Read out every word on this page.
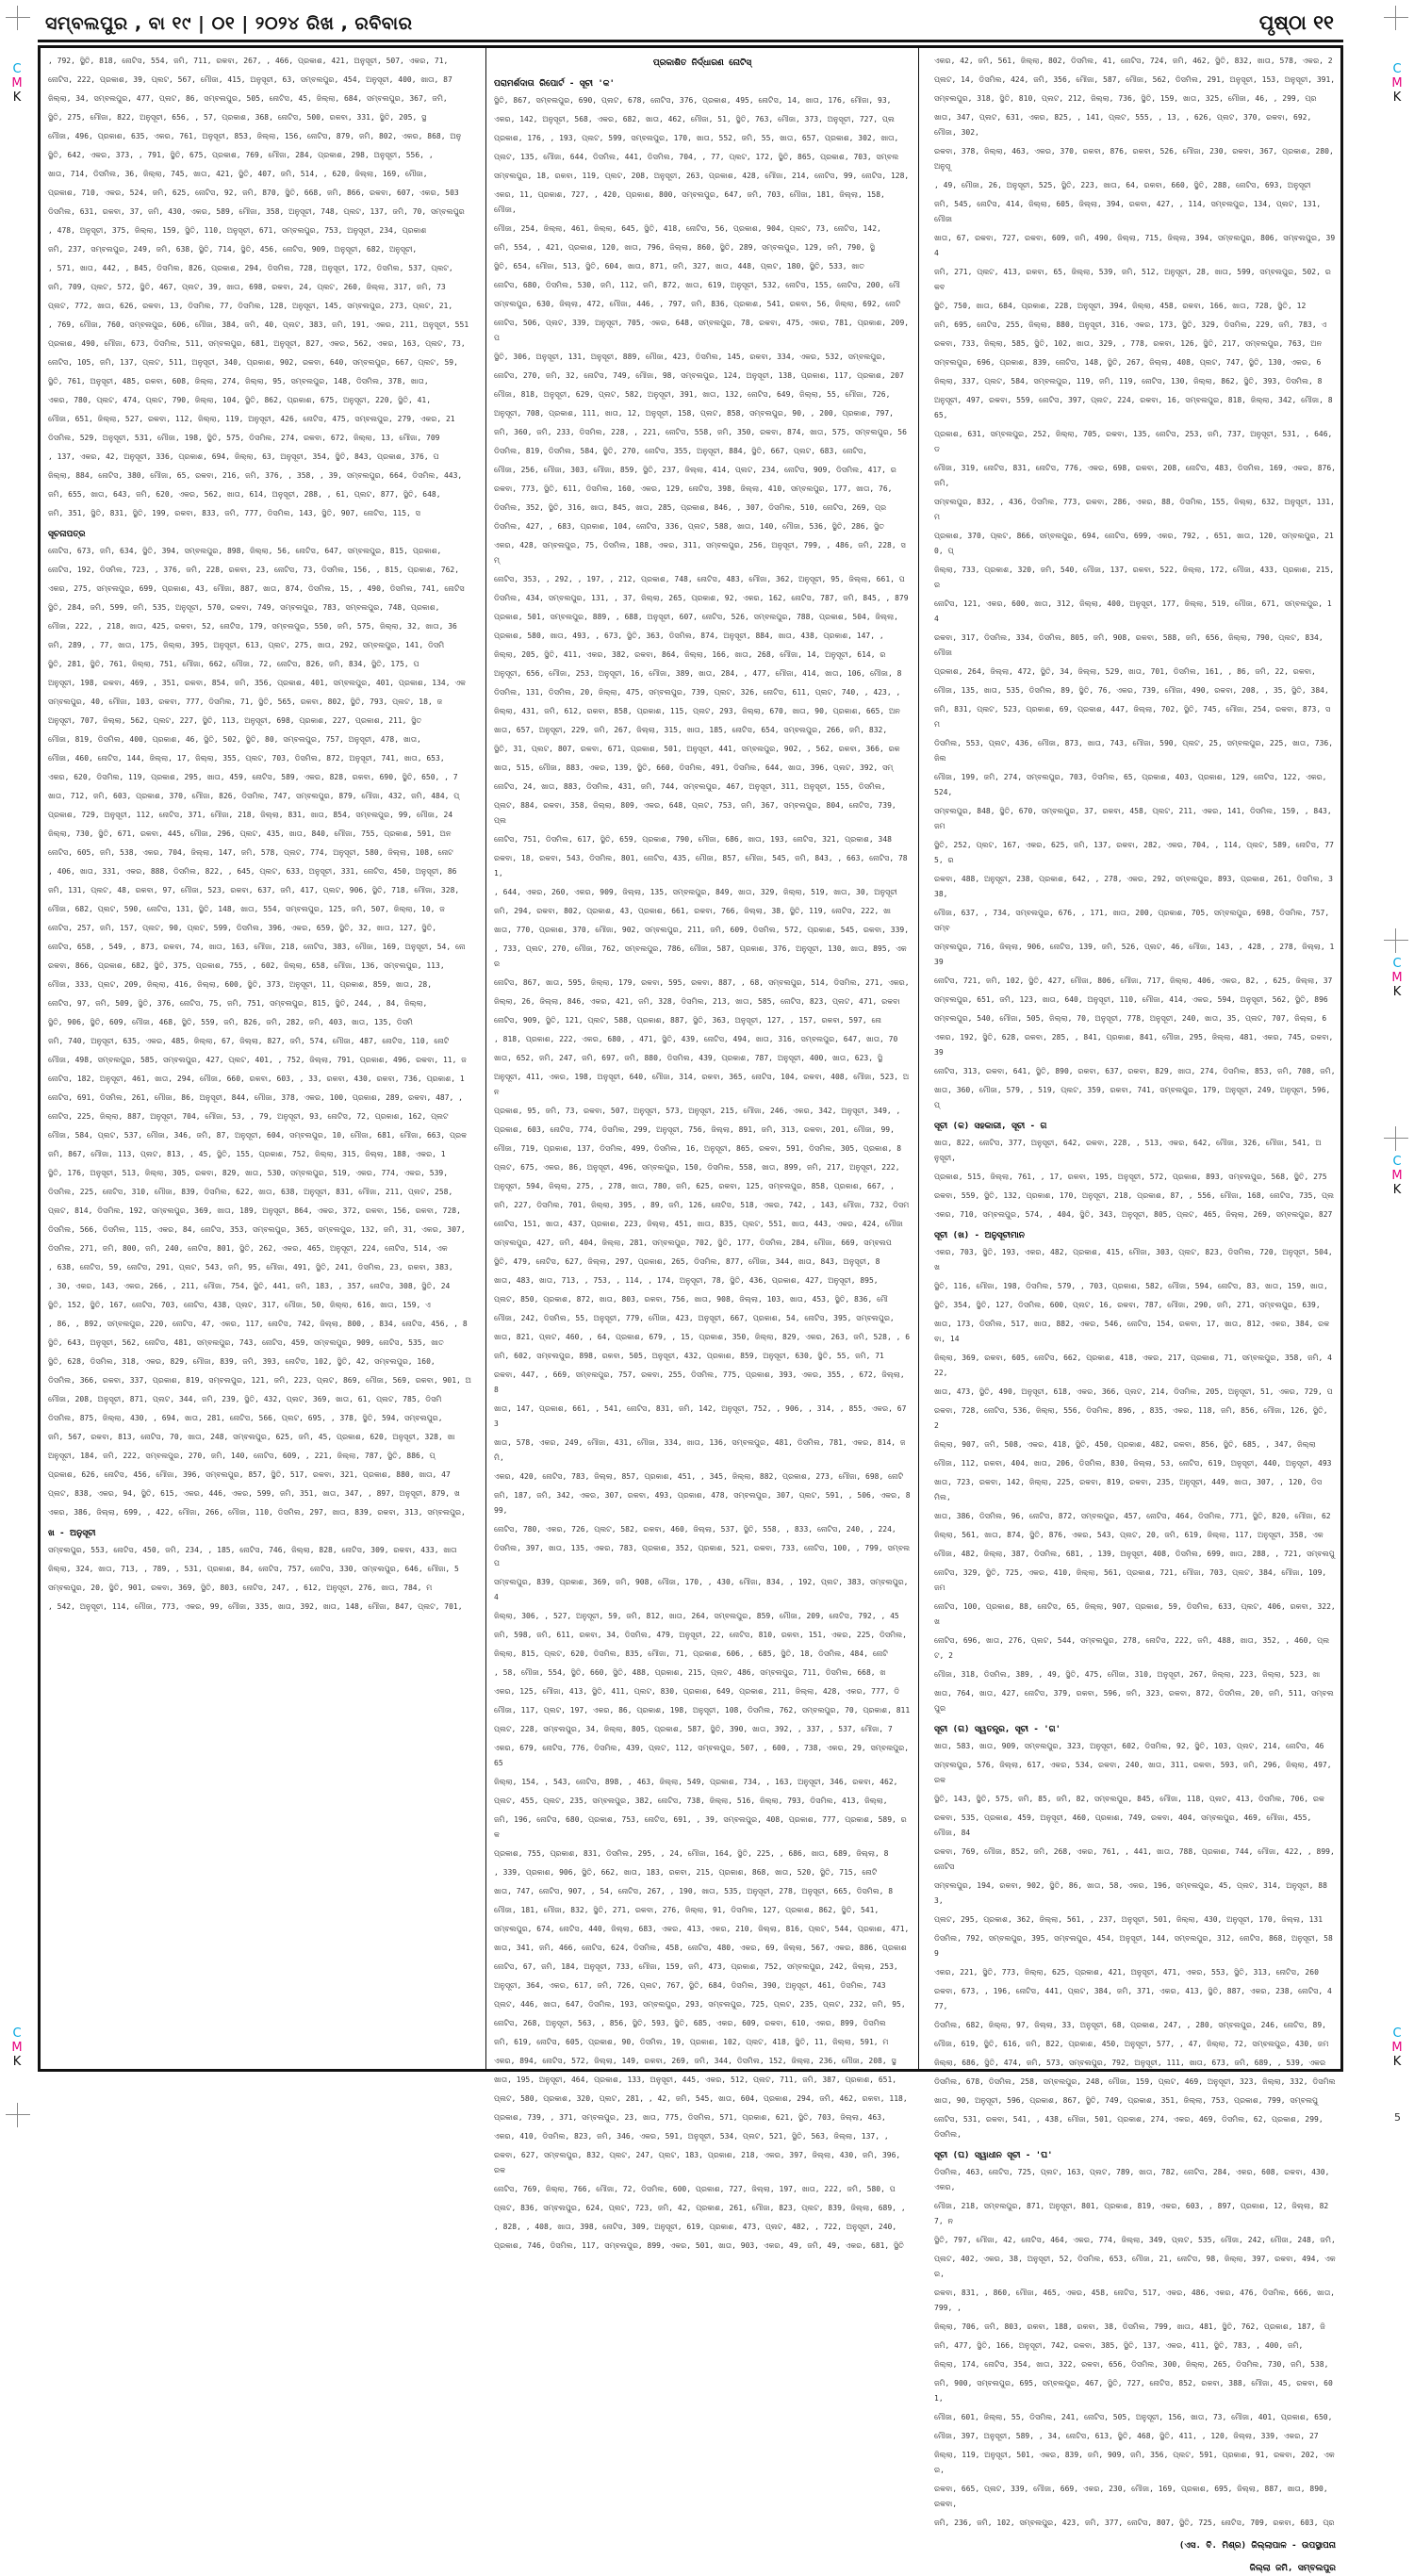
ସମ୍ବଲପୁର , ବା ୧୯ | ୦୧ | ୨୦୨୪ ରିଖ , ରବିବାର	ପୃଷ୍ଠା ୧୧
, 792, ସ୍ଥିତି, 818, ନୋଟିସ, 554, ଜମି, 711, ରକବା, 267, , 466, ପ୍ରକାଶ, 421, ଅନୁସୂଚୀ, 507, ଏକର, 71,
ନୋଟିସ, 222, ପ୍ରକାଶ, 39, ପ୍ଲଟ, 567, ମୌଜା, 415, ଅନୁସୂଚୀ, 63, ସମ୍ବଲପୁର, 454, ଅନୁସୂଚୀ, 400, ଖାତା, 87
ଜିଲ୍ଲା, 34, ସମ୍ବଲପୁର, 477, ପ୍ଲଟ, 86, ସମ୍ବଲପୁର, 505, ନୋଟିସ, 45, ଜିଲ୍ଲା, 684, ସମ୍ବଲପୁର, 367, ଜମି,
ସ୍ଥିତି, 275, ମୌଜା, 822, ଅନୁସୂଚୀ, 656, , 57, ପ୍ରକାଶ, 368, ନୋଟିସ, 500, ରକବା, 331, ସ୍ଥିତି, 205, ସ୍ଥ
ମୌଜା, 496, ପ୍ରକାଶ, 635, ଏକର, 761, ଅନୁସୂଚୀ, 853, ଜିଲ୍ଲା, 156, ନୋଟିସ, 879, ଜମି, 802, ଏକର, 868, ଅନୁ
ସ୍ଥିତି, 642, ଏକର, 373, , 791, ସ୍ଥିତି, 675, ପ୍ରକାଶ, 769, ମୌଜା, 284, ପ୍ରକାଶ, 298, ଅନୁସୂଚୀ, 556, ,
ଖାତା, 714, ଡିସମିଲ, 36, ଜିଲ୍ଲା, 745, ଖାତା, 421, ସ୍ଥିତି, 407, ଜମି, 514, , 620, ଜିଲ୍ଲା, 169, ମୌଜା,
ପ୍ରକାଶ, 710, ଏକର, 524, ଜମି, 625, ନୋଟିସ, 92, ଜମି, 870, ସ୍ଥିତି, 668, ଜମି, 866, ରକବା, 607, ଏକର, 503
ଡିସମିଲ, 631, ରକବା, 37, ଜମି, 430, ଏକର, 589, ମୌଜା, 358, ଅନୁସୂଚୀ, 748, ପ୍ଲଟ, 137, ଜମି, 70, ସମ୍ବଲପୁର
, 478, ଅନୁସୂଚୀ, 375, ଜିଲ୍ଲା, 159, ସ୍ଥିତି, 110, ଅନୁସୂଚୀ, 671, ସମ୍ବଲପୁର, 753, ଅନୁସୂଚୀ, 234, ପ୍ରକାଶ
ଜମି, 237, ସମ୍ବଲପୁର, 249, ଜମି, 638, ସ୍ଥିତି, 714, ସ୍ଥିତି, 456, ନୋଟିସ, 909, ଅନୁସୂଚୀ, 682, ଅନୁସୂଚୀ,
, 571, ଖାତା, 442, , 845, ଡିସମିଲ, 826, ପ୍ରକାଶ, 294, ଡିସମିଲ, 728, ଅନୁସୂଚୀ, 172, ଡିସମିଲ, 537, ପ୍ଲଟ,
ଜମି, 709, ପ୍ଲଟ, 572, ସ୍ଥିତି, 467, ପ୍ଲଟ, 39, ଖାତା, 698, ରକବା, 24, ପ୍ଲଟ, 260, ଜିଲ୍ଲା, 317, ଜମି, 73
ପ୍ଲଟ, 772, ଖାତା, 626, ରକବା, 13, ଡିସମିଲ, 77, ଡିସମିଲ, 128, ଅନୁସୂଚୀ, 145, ସମ୍ବଲପୁର, 273, ପ୍ଲଟ, 21,
, 769, ମୌଜା, 760, ସମ୍ବଲପୁର, 606, ମୌଜା, 384, ଜମି, 40, ପ୍ଲଟ, 383, ଜମି, 191, ଏକର, 211, ଅନୁସୂଚୀ, 551
ପ୍ରକାଶ, 490, ମୌଜା, 673, ଡିସମିଲ, 511, ସମ୍ବଲପୁର, 681, ଅନୁସୂଚୀ, 827, ଏକର, 562, ଏକର, 163, ପ୍ଲଟ, 73,
ନୋଟିସ, 105, ଜମି, 137, ପ୍ଲଟ, 511, ଅନୁସୂଚୀ, 340, ପ୍ରକାଶ, 902, ରକବା, 640, ସମ୍ବଲପୁର, 667, ପ୍ଲଟ, 59,
ସ୍ଥିତି, 761, ଅନୁସୂଚୀ, 485, ରକବା, 608, ଜିଲ୍ଲା, 274, ଜିଲ୍ଲା, 95, ସମ୍ବଲପୁର, 148, ଡିସମିଲ, 378, ଖାତା,
ଏକର, 780, ପ୍ଲଟ, 474, ପ୍ଲଟ, 790, ଜିଲ୍ଲା, 104, ସ୍ଥିତି, 862, ପ୍ରକାଶ, 675, ଅନୁସୂଚୀ, 220, ସ୍ଥିତି, 41,
ମୌଜା, 651, ଜିଲ୍ଲା, 527, ରକବା, 112, ଜିଲ୍ଲା, 119, ଅନୁସୂଚୀ, 426, ନୋଟିସ, 475, ସମ୍ବଲପୁର, 279, ଏକର, 21
ଡିସମିଲ, 529, ଅନୁସୂଚୀ, 531, ମୌଜା, 198, ସ୍ଥିତି, 575, ଡିସମିଲ, 274, ରକବା, 672, ଜିଲ୍ଲା, 13, ମୌଜା, 709
, 137, ଏକର, 42, ଅନୁସୂଚୀ, 336, ପ୍ରକାଶ, 694, ଜିଲ୍ଲା, 63, ଅନୁସୂଚୀ, 354, ସ୍ଥିତି, 843, ପ୍ରକାଶ, 376, ପ
ଜିଲ୍ଲା, 884, ନୋଟିସ, 380, ମୌଜା, 65, ରକବା, 216, ଜମି, 376, , 358, , 39, ସମ୍ବଲପୁର, 664, ଡିସମିଲ, 443,
ଜମି, 655, ଖାତା, 643, ଜମି, 620, ଏକର, 562, ଖାତା, 614, ଅନୁସୂଚୀ, 288, , 61, ପ୍ଲଟ, 877, ସ୍ଥିତି, 648,
ଜମି, 351, ସ୍ଥିତି, 831, ସ୍ଥିତି, 199, ରକବା, 833, ଜମି, 777, ଡିସମିଲ, 143, ସ୍ଥିତି, 907, ନୋଟିସ, 115, ସ
ସୂଚନାପତ୍ର
ନୋଟିସ, 673, ଜମି, 634, ସ୍ଥିତି, 394, ସମ୍ବଲପୁର, 898, ଜିଲ୍ଲା, 56, ନୋଟିସ, 647, ସମ୍ବଲପୁର, 815, ପ୍ରକାଶ,
ନୋଟିସ, 192, ଡିସମିଲ, 723, , 376, ଜମି, 228, ରକବା, 23, ନୋଟିସ, 73, ଡିସମିଲ, 156, , 815, ପ୍ରକାଶ, 762,
ଏକର, 275, ସମ୍ବଲପୁର, 699, ପ୍ରକାଶ, 43, ମୌଜା, 887, ଖାତା, 874, ଡିସମିଲ, 15, , 490, ଡିସମିଲ, 741, ନୋଟିସ
ସ୍ଥିତି, 284, ଜମି, 599, ଜମି, 535, ଅନୁସୂଚୀ, 570, ରକବା, 749, ସମ୍ବଲପୁର, 783, ସମ୍ବଲପୁର, 748, ପ୍ରକାଶ,
ମୌଜା, 222, , 218, ଖାତା, 425, ରକବା, 52, ନୋଟିସ, 179, ସମ୍ବଲପୁର, 550, ଜମି, 575, ଜିଲ୍ଲା, 32, ଖାତା, 36
ଜମି, 289, , 77, ଖାତା, 175, ଜିଲ୍ଲା, 395, ଅନୁସୂଚୀ, 613, ପ୍ଲଟ, 275, ଖାତା, 292, ସମ୍ବଲପୁର, 141, ଡିସମି
ସ୍ଥିତି, 281, ସ୍ଥିତି, 761, ଜିଲ୍ଲା, 751, ମୌଜା, 662, ମୌଜା, 72, ନୋଟିସ, 826, ଜମି, 834, ସ୍ଥିତି, 175, ପ
ଅନୁସୂଚୀ, 198, ରକବା, 469, , 351, ରକବା, 854, ଜମି, 356, ପ୍ରକାଶ, 401, ସମ୍ବଲପୁର, 401, ପ୍ରକାଶ, 134, ଏକ
ସମ୍ବଲପୁର, 40, ମୌଜା, 103, ରକବା, 777, ଡିସମିଲ, 71, ସ୍ଥିତି, 565, ରକବା, 802, ସ୍ଥିତି, 793, ପ୍ଲଟ, 18, ଜ
ଅନୁସୂଚୀ, 707, ଜିଲ୍ଲା, 562, ପ୍ଲଟ, 227, ସ୍ଥିତି, 113, ଅନୁସୂଚୀ, 698, ପ୍ରକାଶ, 227, ପ୍ରକାଶ, 211, ସ୍ଥିତ
ମୌଜା, 819, ଡିସମିଲ, 400, ପ୍ରକାଶ, 46, ସ୍ଥିତି, 502, ସ୍ଥିତି, 80, ସମ୍ବଲପୁର, 757, ଅନୁସୂଚୀ, 478, ଖାତା,
ମୌଜା, 460, ନୋଟିସ, 144, ଜିଲ୍ଲା, 17, ଜିଲ୍ଲା, 355, ପ୍ଲଟ, 703, ଡିସମିଲ, 872, ଅନୁସୂଚୀ, 741, ଖାତା, 653,
ଏକର, 620, ଡିସମିଲ, 119, ପ୍ରକାଶ, 295, ଖାତା, 459, ନୋଟିସ, 589, ଏକର, 828, ରକବା, 690, ସ୍ଥିତି, 650, , 7
ଖାତା, 712, ଜମି, 603, ପ୍ରକାଶ, 370, ମୌଜା, 826, ଡିସମିଲ, 747, ସମ୍ବଲପୁର, 879, ମୌଜା, 432, ଜମି, 484, ପ୍
ପ୍ରକାଶ, 729, ଅନୁସୂଚୀ, 112, ନୋଟିସ, 371, ମୌଜା, 218, ଜିଲ୍ଲା, 831, ଖାତା, 854, ସମ୍ବଲପୁର, 99, ମୌଜା, 24
ଜିଲ୍ଲା, 730, ସ୍ଥିତି, 671, ରକବା, 445, ମୌଜା, 296, ପ୍ଲଟ, 435, ଖାତା, 840, ମୌଜା, 755, ପ୍ରକାଶ, 591, ଅନ
ନୋଟିସ, 605, ଜମି, 538, ଏକର, 704, ଜିଲ୍ଲା, 147, ଜମି, 578, ପ୍ଲଟ, 774, ଅନୁସୂଚୀ, 580, ଜିଲ୍ଲା, 108, ନୋଟ
, 406, ଖାତା, 331, ଏକର, 888, ଡିସମିଲ, 822, , 645, ପ୍ଲଟ, 633, ଅନୁସୂଚୀ, 331, ନୋଟିସ, 450, ଅନୁସୂଚୀ, 86
ଜମି, 131, ପ୍ଲଟ, 48, ରକବା, 97, ମୌଜା, 523, ରକବା, 637, ଜମି, 417, ପ୍ଲଟ, 906, ସ୍ଥିତି, 718, ମୌଜା, 328,
ମୌଜା, 682, ପ୍ଲଟ, 590, ନୋଟିସ, 131, ସ୍ଥିତି, 148, ଖାତା, 554, ସମ୍ବଲପୁର, 125, ଜମି, 507, ଜିଲ୍ଲା, 10, ଜ
ନୋଟିସ, 257, ଜମି, 157, ପ୍ଲଟ, 90, ପ୍ଲଟ, 599, ଡିସମିଲ, 396, ଏକର, 659, ସ୍ଥିତି, 32, ଖାତା, 127, ସ୍ଥିତି,
ନୋଟିସ, 658, , 549, , 873, ରକବା, 74, ଖାତା, 163, ମୌଜା, 218, ନୋଟିସ, 383, ମୌଜା, 169, ଅନୁସୂଚୀ, 54, ନୋ
ରକବା, 866, ପ୍ରକାଶ, 682, ସ୍ଥିତି, 375, ପ୍ରକାଶ, 755, , 602, ଜିଲ୍ଲା, 658, ମୌଜା, 136, ସମ୍ବଲପୁର, 113,
ମୌଜା, 333, ପ୍ଲଟ, 209, ଜିଲ୍ଲା, 416, ଜିଲ୍ଲା, 600, ସ୍ଥିତି, 373, ଅନୁସୂଚୀ, 11, ପ୍ରକାଶ, 859, ଖାତା, 28,
ନୋଟିସ, 97, ଜମି, 509, ସ୍ଥିତି, 376, ନୋଟିସ, 75, ଜମି, 751, ସମ୍ବଲପୁର, 815, ସ୍ଥିତି, 244, , 84, ଜିଲ୍ଲା,
ସ୍ଥିତି, 906, ସ୍ଥିତି, 609, ମୌଜା, 468, ସ୍ଥିତି, 559, ଜମି, 826, ଜମି, 282, ଜମି, 403, ଖାତା, 135, ଡିସମି
ଜମି, 740, ଅନୁସୂଚୀ, 635, ଏକର, 485, ଜିଲ୍ଲା, 67, ଜିଲ୍ଲା, 827, ଜମି, 574, ମୌଜା, 487, ନୋଟିସ, 110, ନୋଟି
ମୌଜା, 498, ସମ୍ବଲପୁର, 585, ସମ୍ବଲପୁର, 427, ପ୍ଲଟ, 401, , 752, ଜିଲ୍ଲା, 791, ପ୍ରକାଶ, 496, ରକବା, 11, ଜ
ନୋଟିସ, 182, ଅନୁସୂଚୀ, 461, ଖାତା, 294, ମୌଜା, 660, ରକବା, 603, , 33, ରକବା, 430, ରକବା, 736, ପ୍ରକାଶ, 1
ନୋଟିସ, 691, ଡିସମିଲ, 261, ମୌଜା, 86, ଅନୁସୂଚୀ, 844, ମୌଜା, 378, ଏକର, 100, ପ୍ରକାଶ, 289, ରକବା, 487, ,
ନୋଟିସ, 225, ଜିଲ୍ଲା, 887, ଅନୁସୂଚୀ, 704, ମୌଜା, 53, , 79, ଅନୁସୂଚୀ, 93, ନୋଟିସ, 72, ପ୍ରକାଶ, 162, ପ୍ଲଟ
ମୌଜା, 584, ପ୍ଲଟ, 537, ମୌଜା, 346, ଜମି, 87, ଅନୁସୂଚୀ, 604, ସମ୍ବଲପୁର, 10, ମୌଜା, 681, ମୌଜା, 663, ପ୍ରକ
ଜମି, 867, ମୌଜା, 113, ପ୍ଲଟ, 813, , 45, ସ୍ଥିତି, 155, ପ୍ରକାଶ, 752, ଜିଲ୍ଲା, 315, ଜିଲ୍ଲା, 188, ଏକର, 1
ସ୍ଥିତି, 176, ଅନୁସୂଚୀ, 513, ଜିଲ୍ଲା, 305, ରକବା, 829, ଖାତା, 530, ସମ୍ବଲପୁର, 519, ଏକର, 774, ଏକର, 539,
ଡିସମିଲ, 225, ନୋଟିସ, 310, ମୌଜା, 839, ଡିସମିଲ, 622, ଖାତା, 638, ଅନୁସୂଚୀ, 831, ମୌଜା, 211, ପ୍ଲଟ, 258,
ପ୍ଲଟ, 814, ଡିସମିଲ, 192, ସମ୍ବଲପୁର, 369, ଖାତା, 189, ଅନୁସୂଚୀ, 864, ଏକର, 372, ରକବା, 156, ରକବା, 728,
ଡିସମିଲ, 566, ଡିସମିଲ, 115, ଏକର, 84, ନୋଟିସ, 353, ସମ୍ବଲପୁର, 365, ସମ୍ବଲପୁର, 132, ଜମି, 31, ଏକର, 307,
ଡିସମିଲ, 271, ଜମି, 800, ଜମି, 240, ନୋଟିସ, 801, ସ୍ଥିତି, 262, ଏକର, 465, ଅନୁସୂଚୀ, 224, ନୋଟିସ, 514, ଏକ
, 638, ନୋଟିସ, 59, ନୋଟିସ, 291, ପ୍ଲଟ, 543, ଜମି, 95, ମୌଜା, 491, ସ୍ଥିତି, 241, ଡିସମିଲ, 23, ରକବା, 383,
, 30, ଏକର, 143, ଏକର, 266, , 211, ମୌଜା, 754, ସ୍ଥିତି, 441, ଜମି, 183, , 357, ନୋଟିସ, 308, ସ୍ଥିତି, 24
ସ୍ଥିତି, 152, ସ୍ଥିତି, 167, ନୋଟିସ, 703, ନୋଟିସ, 438, ପ୍ଲଟ, 317, ମୌଜା, 50, ଜିଲ୍ଲା, 616, ଖାତା, 159, ଏ
, 86, , 892, ସମ୍ବଲପୁର, 220, ନୋଟିସ, 47, ଏକର, 117, ନୋଟିସ, 742, ଜିଲ୍ଲା, 800, , 834, ନୋଟିସ, 456, , 8
ସ୍ଥିତି, 643, ଅନୁସୂଚୀ, 562, ନୋଟିସ, 481, ସମ୍ବଲପୁର, 743, ନୋଟିସ, 459, ସମ୍ବଲପୁର, 909, ନୋଟିସ, 535, ଖାତ
ସ୍ଥିତି, 628, ଡିସମିଲ, 318, ଏକର, 829, ମୌଜା, 839, ଜମି, 393, ନୋଟିସ, 102, ସ୍ଥିତି, 42, ସମ୍ବଲପୁର, 160,
ଡିସମିଲ, 366, ରକବା, 337, ପ୍ରକାଶ, 819, ସମ୍ବଲପୁର, 121, ଜମି, 223, ପ୍ଲଟ, 869, ମୌଜା, 569, ରକବା, 901, ଅ
ମୌଜା, 208, ଅନୁସୂଚୀ, 871, ପ୍ଲଟ, 344, ଜମି, 239, ସ୍ଥିତି, 432, ପ୍ଲଟ, 369, ଖାତା, 61, ପ୍ଲଟ, 785, ଡିସମି
ଡିସମିଲ, 875, ଜିଲ୍ଲା, 430, , 694, ଖାତା, 281, ନୋଟିସ, 566, ପ୍ଲଟ, 695, , 378, ସ୍ଥିତି, 594, ସମ୍ବଲପୁର,
ଜମି, 567, ରକବା, 813, ନୋଟିସ, 70, ଖାତା, 248, ସମ୍ବଲପୁର, 625, ଜମି, 45, ପ୍ରକାଶ, 620, ଅନୁସୂଚୀ, 328, ଖା
ଅନୁସୂଚୀ, 184, ଜମି, 222, ସମ୍ବଲପୁର, 270, ଜମି, 140, ନୋଟିସ, 609, , 221, ଜିଲ୍ଲା, 787, ସ୍ଥିତି, 886, ପ୍
ପ୍ରକାଶ, 626, ନୋଟିସ, 456, ମୌଜା, 396, ସମ୍ବଲପୁର, 857, ସ୍ଥିତି, 517, ରକବା, 321, ପ୍ରକାଶ, 880, ଖାତା, 47
ପ୍ଲଟ, 838, ଏକର, 94, ସ୍ଥିତି, 615, ଏକର, 446, ଏକର, 599, ଜମି, 351, ଖାତା, 347, , 897, ଅନୁସୂଚୀ, 879, ଖ
ଏକର, 386, ଜିଲ୍ଲା, 699, , 422, ମୌଜା, 266, ମୌଜା, 110, ଡିସମିଲ, 297, ଖାତା, 839, ରକବା, 313, ସମ୍ବଲପୁର,
ଖ - ଅନୁସୂଚୀ
ସମ୍ବଲପୁର, 553, ନୋଟିସ, 450, ଜମି, 234, , 185, ନୋଟିସ, 746, ଜିଲ୍ଲା, 828, ନୋଟିସ, 309, ରକବା, 433, ଖାତା
ଜିଲ୍ଲା, 324, ଖାତା, 713, , 789, , 531, ପ୍ରକାଶ, 84, ନୋଟିସ, 757, ନୋଟିସ, 330, ସମ୍ବଲପୁର, 646, ମୌଜା, 5
ସମ୍ବଲପୁର, 20, ସ୍ଥିତି, 901, ରକବା, 369, ସ୍ଥିତି, 803, ନୋଟିସ, 247, , 612, ଅନୁସୂଚୀ, 276, ଖାତା, 784, ମ
, 542, ଅନୁସୂଚୀ, 114, ମୌଜା, 773, ଏକର, 99, ମୌଜା, 335, ଖାତା, 392, ଖାତା, 148, ମୌଜା, 847, ପ୍ଲଟ, 701,
ପ୍ରକାଶିତ ନିର୍ଦ୍ଧାରଣ ନୋଟିସ୍
ପରାମର୍ଶଦାତା ରିପୋର୍ଟ - ସୂଚୀ 'କ'
ସ୍ଥିତି, 867, ସମ୍ବଲପୁର, 690, ପ୍ଲଟ, 678, ନୋଟିସ, 376, ପ୍ରକାଶ, 495, ନୋଟିସ, 14, ଖାତା, 176, ମୌଜା, 93,
ଏକର, 142, ଅନୁସୂଚୀ, 568, ଏକର, 682, ଖାତା, 462, ମୌଜା, 51, ସ୍ଥିତି, 763, ମୌଜା, 373, ଅନୁସୂଚୀ, 727, ପ୍ଲ
ପ୍ରକାଶ, 176, , 193, ପ୍ଲଟ, 599, ସମ୍ବଲପୁର, 170, ଖାତା, 552, ଜମି, 55, ଖାତା, 657, ପ୍ରକାଶ, 302, ଖାତା,
ପ୍ଲଟ, 135, ମୌଜା, 644, ଡିସମିଲ, 441, ଡିସମିଲ, 704, , 77, ପ୍ଲଟ, 172, ସ୍ଥିତି, 865, ପ୍ରକାଶ, 703, ସମ୍ବଲ
ସମ୍ବଲପୁର, 18, ରକବା, 119, ପ୍ଲଟ, 208, ଅନୁସୂଚୀ, 263, ପ୍ରକାଶ, 428, ମୌଜା, 214, ନୋଟିସ, 99, ନୋଟିସ, 128,
ଏକର, 11, ପ୍ରକାଶ, 727, , 420, ପ୍ରକାଶ, 800, ସମ୍ବଲପୁର, 647, ଜମି, 703, ମୌଜା, 181, ଜିଲ୍ଲା, 158, ମୌଜା,
ମୌଜା, 254, ଜିଲ୍ଲା, 461, ଜିଲ୍ଲା, 645, ସ୍ଥିତି, 418, ନୋଟିସ, 56, ପ୍ରକାଶ, 904, ପ୍ଲଟ, 73, ନୋଟିସ, 142,
ଜମି, 554, , 421, ପ୍ରକାଶ, 120, ଖାତା, 796, ଜିଲ୍ଲା, 860, ସ୍ଥିତି, 289, ସମ୍ବଲପୁର, 129, ଜମି, 790, ସ୍ଥି
ସ୍ଥିତି, 654, ମୌଜା, 513, ସ୍ଥିତି, 604, ଖାତା, 871, ଜମି, 327, ଖାତା, 448, ପ୍ଲଟ, 180, ସ୍ଥିତି, 533, ଖାତ
ନୋଟିସ, 680, ଡିସମିଲ, 530, ଜମି, 112, ଜମି, 872, ଖାତା, 619, ଅନୁସୂଚୀ, 532, ନୋଟିସ, 155, ନୋଟିସ, 200, ମୌ
ସମ୍ବଲପୁର, 630, ଜିଲ୍ଲା, 472, ମୌଜା, 446, , 797, ଜମି, 836, ପ୍ରକାଶ, 541, ରକବା, 56, ଜିଲ୍ଲା, 692, ନୋଟି
ନୋଟିସ, 506, ପ୍ଲଟ, 339, ଅନୁସୂଚୀ, 705, ଏକର, 648, ସମ୍ବଲପୁର, 78, ରକବା, 475, ଏକର, 781, ପ୍ରକାଶ, 209, ପ
ସ୍ଥିତି, 306, ଅନୁସୂଚୀ, 131, ଅନୁସୂଚୀ, 889, ମୌଜା, 423, ଡିସମିଲ, 145, ରକବା, 334, ଏକର, 532, ସମ୍ବଲପୁର,
ନୋଟିସ, 270, ଜମି, 32, ନୋଟିସ, 749, ମୌଜା, 98, ସମ୍ବଲପୁର, 124, ଅନୁସୂଚୀ, 138, ପ୍ରକାଶ, 117, ପ୍ରକାଶ, 207
ମୌଜା, 818, ଅନୁସୂଚୀ, 629, ପ୍ଲଟ, 582, ଅନୁସୂଚୀ, 391, ଖାତା, 132, ନୋଟିସ, 649, ଜିଲ୍ଲା, 55, ମୌଜା, 726,
ଅନୁସୂଚୀ, 708, ପ୍ରକାଶ, 111, ଖାତା, 12, ଅନୁସୂଚୀ, 158, ପ୍ଲଟ, 858, ସମ୍ବଲପୁର, 90, , 200, ପ୍ରକାଶ, 797,
ଜମି, 360, ଜମି, 233, ଡିସମିଲ, 228, , 221, ନୋଟିସ, 558, ଜମି, 350, ରକବା, 874, ଖାତା, 575, ସମ୍ବଲପୁର, 56
ଡିସମିଲ, 819, ଡିସମିଲ, 584, ସ୍ଥିତି, 270, ନୋଟିସ, 355, ଅନୁସୂଚୀ, 884, ସ୍ଥିତି, 667, ପ୍ଲଟ, 683, ନୋଟିସ,
ମୌଜା, 256, ମୌଜା, 303, ମୌଜା, 859, ସ୍ଥିତି, 237, ଜିଲ୍ଲା, 414, ପ୍ଲଟ, 234, ନୋଟିସ, 909, ଡିସମିଲ, 417, ର
ରକବା, 773, ସ୍ଥିତି, 611, ଡିସମିଲ, 160, ଏକର, 129, ନୋଟିସ, 398, ଜିଲ୍ଲା, 410, ସମ୍ବଲପୁର, 177, ଖାତା, 76,
ଡିସମିଲ, 352, ସ୍ଥିତି, 316, ଖାତା, 845, ଖାତା, 285, ପ୍ରକାଶ, 846, , 307, ଡିସମିଲ, 510, ନୋଟିସ, 269, ପ୍ର
ଡିସମିଲ, 427, , 683, ପ୍ରକାଶ, 104, ନୋଟିସ, 336, ପ୍ଲଟ, 588, ଖାତା, 140, ମୌଜା, 536, ସ୍ଥିତି, 286, ସ୍ଥିତ
ଏକର, 428, ସମ୍ବଲପୁର, 75, ଡିସମିଲ, 188, ଏକର, 311, ସମ୍ବଲପୁର, 256, ଅନୁସୂଚୀ, 799, , 486, ଜମି, 228, ସମ୍
ନୋଟିସ, 353, , 292, , 197, , 212, ପ୍ରକାଶ, 748, ନୋଟିସ, 483, ମୌଜା, 362, ଅନୁସୂଚୀ, 95, ଜିଲ୍ଲା, 661, ପ
ଡିସମିଲ, 434, ସମ୍ବଲପୁର, 131, , 37, ଜିଲ୍ଲା, 265, ପ୍ରକାଶ, 92, ଏକର, 162, ନୋଟିସ, 787, ଜମି, 845, , 879
ପ୍ରକାଶ, 501, ସମ୍ବଲପୁର, 889, , 688, ଅନୁସୂଚୀ, 607, ନୋଟିସ, 526, ସମ୍ବଲପୁର, 788, ପ୍ରକାଶ, 504, ଜିଲ୍ଲା,
ପ୍ରକାଶ, 580, ଖାତା, 493, , 673, ସ୍ଥିତି, 363, ଡିସମିଲ, 874, ଅନୁସୂଚୀ, 884, ଖାତା, 438, ପ୍ରକାଶ, 147, ,
ଜିଲ୍ଲା, 205, ସ୍ଥିତି, 411, ଏକର, 382, ରକବା, 864, ଜିଲ୍ଲା, 166, ଖାତା, 268, ମୌଜା, 14, ଅନୁସୂଚୀ, 614, ର
ଅନୁସୂଚୀ, 656, ମୌଜା, 253, ଅନୁସୂଚୀ, 16, ମୌଜା, 389, ଖାତା, 284, , 477, ମୌଜା, 414, ଖାତା, 106, ମୌଜା, 8
ଡିସମିଲ, 131, ଡିସମିଲ, 20, ଜିଲ୍ଲା, 475, ସମ୍ବଲପୁର, 739, ପ୍ଲଟ, 326, ନୋଟିସ, 611, ପ୍ଲଟ, 740, , 423, ,
ଜିଲ୍ଲା, 431, ଜମି, 612, ରକବା, 858, ପ୍ରକାଶ, 115, ପ୍ଲଟ, 293, ଜିଲ୍ଲା, 670, ଖାତା, 90, ପ୍ରକାଶ, 665, ଅନ
ଖାତା, 657, ଅନୁସୂଚୀ, 229, ଜମି, 267, ଜିଲ୍ଲା, 315, ଖାତା, 185, ନୋଟିସ, 654, ସମ୍ବଲପୁର, 266, ଜମି, 832,
ସ୍ଥିତି, 31, ପ୍ଲଟ, 807, ରକବା, 671, ପ୍ରକାଶ, 501, ଅନୁସୂଚୀ, 441, ସମ୍ବଲପୁର, 902, , 562, ରକବା, 366, ରକ
ଖାତା, 515, ମୌଜା, 883, ଏକର, 139, ସ୍ଥିତି, 660, ଡିସମିଲ, 491, ଡିସମିଲ, 644, ଖାତା, 396, ପ୍ଲଟ, 392, ସମ୍
ନୋଟିସ, 24, ଖାତା, 883, ଡିସମିଲ, 431, ଜମି, 744, ସମ୍ବଲପୁର, 467, ଅନୁସୂଚୀ, 311, ଅନୁସୂଚୀ, 155, ଡିସମିଲ,
ପ୍ଲଟ, 884, ରକବା, 358, ଜିଲ୍ଲା, 809, ଏକର, 648, ପ୍ଲଟ, 753, ଜମି, 367, ସମ୍ବଲପୁର, 804, ନୋଟିସ, 739, ପ୍ଲ
ନୋଟିସ, 751, ଡିସମିଲ, 617, ସ୍ଥିତି, 659, ପ୍ରକାଶ, 790, ମୌଜା, 686, ଖାତା, 193, ନୋଟିସ, 321, ପ୍ରକାଶ, 348
ରକବା, 18, ରକବା, 543, ଡିସମିଲ, 801, ନୋଟିସ, 435, ମୌଜା, 857, ମୌଜା, 545, ଜମି, 843, , 663, ନୋଟିସ, 781,
, 644, ଏକର, 260, ଏକର, 909, ଜିଲ୍ଲା, 135, ସମ୍ବଲପୁର, 849, ଖାତା, 329, ଜିଲ୍ଲା, 519, ଖାତା, 30, ଅନୁସୂଚୀ
ଜମି, 294, ରକବା, 802, ପ୍ରକାଶ, 43, ପ୍ରକାଶ, 661, ରକବା, 766, ଜିଲ୍ଲା, 38, ସ୍ଥିତି, 119, ନୋଟିସ, 222, ଖା
ଖାତା, 770, ପ୍ରକାଶ, 370, ମୌଜା, 902, ସମ୍ବଲପୁର, 211, ଜମି, 609, ଡିସମିଲ, 572, ପ୍ରକାଶ, 545, ରକବା, 339,
, 733, ପ୍ଲଟ, 270, ମୌଜା, 762, ସମ୍ବଲପୁର, 786, ମୌଜା, 587, ପ୍ରକାଶ, 376, ଅନୁସୂଚୀ, 130, ଖାତା, 895, ଏକର
ନୋଟିସ, 867, ଖାତା, 595, ଜିଲ୍ଲା, 179, ରକବା, 595, ରକବା, 887, , 68, ସମ୍ବଲପୁର, 514, ଡିସମିଲ, 271, ଏକର,
ଜିଲ୍ଲା, 26, ଜିଲ୍ଲା, 846, ଏକର, 421, ଜମି, 328, ଡିସମିଲ, 213, ଖାତା, 585, ନୋଟିସ, 823, ପ୍ଲଟ, 471, ରକବା
ନୋଟିସ, 909, ସ୍ଥିତି, 121, ପ୍ଲଟ, 588, ପ୍ରକାଶ, 887, ସ୍ଥିତି, 363, ଅନୁସୂଚୀ, 127, , 157, ରକବା, 597, ନୋ
, 818, ପ୍ରକାଶ, 222, ଏକର, 680, , 471, ସ୍ଥିତି, 439, ନୋଟିସ, 494, ଖାତା, 316, ସମ୍ବଲପୁର, 647, ଖାତା, 70
ଖାତା, 652, ଜମି, 247, ଜମି, 697, ଜମି, 880, ଡିସମିଲ, 439, ପ୍ରକାଶ, 787, ଅନୁସୂଚୀ, 400, ଖାତା, 623, ସ୍ଥି
ଅନୁସୂଚୀ, 411, ଏକର, 198, ଅନୁସୂଚୀ, 640, ମୌଜା, 314, ରକବା, 365, ନୋଟିସ, 104, ରକବା, 408, ମୌଜା, 523, ଅନ
ପ୍ରକାଶ, 95, ଜମି, 73, ରକବା, 507, ଅନୁସୂଚୀ, 573, ଅନୁସୂଚୀ, 215, ମୌଜା, 246, ଏକର, 342, ଅନୁସୂଚୀ, 349, ,
ପ୍ରକାଶ, 603, ନୋଟିସ, 774, ଡିସମିଲ, 299, ଅନୁସୂଚୀ, 756, ଜିଲ୍ଲା, 891, ଜମି, 313, ରକବା, 201, ମୌଜା, 99,
ମୌଜା, 719, ପ୍ରକାଶ, 137, ଡିସମିଲ, 499, ଡିସମିଲ, 16, ଅନୁସୂଚୀ, 865, ରକବା, 591, ଡିସମିଲ, 305, ପ୍ରକାଶ, 8
ପ୍ଲଟ, 675, ଏକର, 86, ଅନୁସୂଚୀ, 496, ସମ୍ବଲପୁର, 150, ଡିସମିଲ, 558, ଖାତା, 899, ଜମି, 217, ଅନୁସୂଚୀ, 222,
ଅନୁସୂଚୀ, 594, ଜିଲ୍ଲା, 275, , 278, ଖାତା, 780, ଜମି, 625, ରକବା, 125, ସମ୍ବଲପୁର, 858, ପ୍ରକାଶ, 667, ,
ଜମି, 227, ଡିସମିଲ, 701, ଜିଲ୍ଲା, 395, , 89, ଜମି, 126, ନୋଟିସ, 518, ଏକର, 742, , 143, ମୌଜା, 732, ଡିସମ
ନୋଟିସ, 151, ଖାତା, 437, ପ୍ରକାଶ, 223, ଜିଲ୍ଲା, 451, ଖାତା, 835, ପ୍ଲଟ, 551, ଖାତା, 443, ଏକର, 424, ମୌଜା
ସମ୍ବଲପୁର, 427, ଜମି, 404, ଜିଲ୍ଲା, 281, ସମ୍ବଲପୁର, 702, ସ୍ଥିତି, 177, ଡିସମିଲ, 284, ମୌଜା, 669, ସମ୍ବଲପ
ସ୍ଥିତି, 479, ନୋଟିସ, 627, ଜିଲ୍ଲା, 297, ପ୍ରକାଶ, 265, ଡିସମିଲ, 877, ମୌଜା, 344, ଖାତା, 843, ଅନୁସୂଚୀ, 8
ଖାତା, 483, ଖାତା, 713, , 753, , 114, , 174, ଅନୁସୂଚୀ, 78, ସ୍ଥିତି, 436, ପ୍ରକାଶ, 427, ଅନୁସୂଚୀ, 895,
ପ୍ଲଟ, 850, ପ୍ରକାଶ, 872, ଖାତା, 803, ରକବା, 756, ଖାତା, 908, ଜିଲ୍ଲା, 103, ଖାତା, 453, ସ୍ଥିତି, 836, ମୌ
ମୌଜା, 242, ଡିସମିଲ, 55, ଅନୁସୂଚୀ, 779, ମୌଜା, 423, ଅନୁସୂଚୀ, 667, ପ୍ରକାଶ, 54, ନୋଟିସ, 395, ସମ୍ବଲପୁର,
ଖାତା, 821, ପ୍ଲଟ, 460, , 64, ପ୍ରକାଶ, 679, , 15, ପ୍ରକାଶ, 350, ଜିଲ୍ଲା, 829, ଏକର, 263, ଜମି, 528, , 6
ଜମି, 602, ସମ୍ବଲପୁର, 898, ରକବା, 505, ଅନୁସୂଚୀ, 432, ପ୍ରକାଶ, 859, ଅନୁସୂଚୀ, 630, ସ୍ଥିତି, 55, ଜମି, 71
ରକବା, 447, , 669, ସମ୍ବଲପୁର, 757, ରକବା, 255, ଡିସମିଲ, 775, ପ୍ରକାଶ, 393, ଏକର, 355, , 672, ଜିଲ୍ଲା, 8
ଖାତା, 147, ପ୍ରକାଶ, 661, , 541, ନୋଟିସ, 831, ଜମି, 142, ଅନୁସୂଚୀ, 752, , 906, , 314, , 855, ଏକର, 673
ଖାତା, 578, ଏକର, 249, ମୌଜା, 431, ମୌଜା, 334, ଖାତା, 136, ସମ୍ବଲପୁର, 481, ଡିସମିଲ, 781, ଏକର, 814, ଜମି,
ଏକର, 420, ନୋଟିସ, 783, ଜିଲ୍ଲା, 857, ପ୍ରକାଶ, 451, , 345, ଜିଲ୍ଲା, 882, ପ୍ରକାଶ, 273, ମୌଜା, 698, ନୋଟି
ଜମି, 187, ଜମି, 342, ଏକର, 307, ରକବା, 493, ପ୍ରକାଶ, 478, ସମ୍ବଲପୁର, 307, ପ୍ଲଟ, 591, , 506, ଏକର, 899,
ନୋଟିସ, 780, ଏକର, 726, ପ୍ଲଟ, 582, ରକବା, 460, ଜିଲ୍ଲା, 537, ସ୍ଥିତି, 558, , 833, ନୋଟିସ, 240, , 224,
ଡିସମିଲ, 397, ଖାତା, 135, ଏକର, 783, ପ୍ରକାଶ, 352, ପ୍ରକାଶ, 521, ରକବା, 733, ନୋଟିସ, 100, , 799, ସମ୍ବଲପ
ସମ୍ବଲପୁର, 839, ପ୍ରକାଶ, 369, ଜମି, 908, ମୌଜା, 170, , 430, ମୌଜା, 834, , 192, ପ୍ଲଟ, 383, ସମ୍ବଲପୁର, 4
ଜିଲ୍ଲା, 306, , 527, ଅନୁସୂଚୀ, 59, ଜମି, 812, ଖାତା, 264, ସମ୍ବଲପୁର, 859, ମୌଜା, 209, ନୋଟିସ, 792, , 45
ଜମି, 598, ଜମି, 611, ରକବା, 34, ଡିସମିଲ, 479, ଅନୁସୂଚୀ, 22, ନୋଟିସ, 810, ରକବା, 151, ଏକର, 225, ଡିସମିଲ,
ଜିଲ୍ଲା, 815, ପ୍ଲଟ, 620, ଡିସମିଲ, 835, ମୌଜା, 71, ପ୍ରକାଶ, 606, , 685, ସ୍ଥିତି, 18, ଡିସମିଲ, 484, ନୋଟି
, 58, ମୌଜା, 554, ସ୍ଥିତି, 660, ସ୍ଥିତି, 488, ପ୍ରକାଶ, 215, ପ୍ଲଟ, 486, ସମ୍ବଲପୁର, 711, ଡିସମିଲ, 668, ଖ
ଏକର, 125, ମୌଜା, 413, ସ୍ଥିତି, 411, ପ୍ଲଟ, 830, ପ୍ରକାଶ, 649, ପ୍ରକାଶ, 211, ଜିଲ୍ଲା, 428, ଏକର, 777, ଡି
ମୌଜା, 117, ପ୍ଲଟ, 197, ଏକର, 86, ପ୍ରକାଶ, 198, ଅନୁସୂଚୀ, 108, ଡିସମିଲ, 762, ସମ୍ବଲପୁର, 70, ପ୍ରକାଶ, 811
ପ୍ଲଟ, 228, ସମ୍ବଲପୁର, 34, ଜିଲ୍ଲା, 805, ପ୍ରକାଶ, 587, ସ୍ଥିତି, 390, ଖାତା, 392, , 337, , 537, ମୌଜା, 7
ଏକର, 679, ନୋଟିସ, 776, ଡିସମିଲ, 439, ପ୍ଲଟ, 112, ସମ୍ବଲପୁର, 507, , 600, , 738, ଏକର, 29, ସମ୍ବଲପୁର, 65
ଜିଲ୍ଲା, 154, , 543, ନୋଟିସ, 898, , 463, ଜିଲ୍ଲା, 549, ପ୍ରକାଶ, 734, , 163, ଅନୁସୂଚୀ, 346, ରକବା, 462,
ପ୍ଲଟ, 455, ପ୍ଲଟ, 235, ସମ୍ବଲପୁର, 382, ନୋଟିସ, 738, ଜିଲ୍ଲା, 516, ଜିଲ୍ଲା, 793, ଡିସମିଲ, 413, ଜିଲ୍ଲା,
ଜମି, 196, ନୋଟିସ, 680, ପ୍ରକାଶ, 753, ନୋଟିସ, 691, , 39, ସମ୍ବଲପୁର, 408, ପ୍ରକାଶ, 777, ପ୍ରକାଶ, 589, ରକ
ପ୍ରକାଶ, 755, ପ୍ରକାଶ, 831, ଡିସମିଲ, 295, , 24, ମୌଜା, 164, ସ୍ଥିତି, 225, , 686, ଖାତା, 689, ଜିଲ୍ଲା, 8
, 339, ପ୍ରକାଶ, 906, ସ୍ଥିତି, 662, ଖାତା, 183, ରକବା, 215, ପ୍ରକାଶ, 868, ଖାତା, 520, ସ୍ଥିତି, 715, ନୋଟି
ଖାତା, 747, ନୋଟିସ, 907, , 54, ନୋଟିସ, 267, , 190, ଖାତା, 535, ଅନୁସୂଚୀ, 278, ଅନୁସୂଚୀ, 665, ଡିସମିଲ, 8
ମୌଜା, 181, ମୌଜା, 832, ସ୍ଥିତି, 271, ରକବା, 276, ଜିଲ୍ଲା, 91, ଡିସମିଲ, 127, ପ୍ରକାଶ, 862, ସ୍ଥିତି, 541,
ସମ୍ବଲପୁର, 674, ନୋଟିସ, 440, ଜିଲ୍ଲା, 683, ଏକର, 413, ଏକର, 210, ଜିଲ୍ଲା, 816, ପ୍ଲଟ, 544, ପ୍ରକାଶ, 471,
ଖାତା, 341, ଜମି, 466, ନୋଟିସ, 624, ଡିସମିଲ, 458, ନୋଟିସ, 480, ଏକର, 69, ଜିଲ୍ଲା, 567, ଏକର, 886, ପ୍ରକାଶ
ନୋଟିସ, 67, ଜମି, 184, ଅନୁସୂଚୀ, 733, ମୌଜା, 159, ଜମି, 473, ପ୍ରକାଶ, 752, ସମ୍ବଲପୁର, 242, ଜିଲ୍ଲା, 253,
ଅନୁସୂଚୀ, 364, ଏକର, 617, ଜମି, 726, ପ୍ଲଟ, 767, ସ୍ଥିତି, 684, ଡିସମିଲ, 390, ଅନୁସୂଚୀ, 461, ଡିସମିଲ, 743
ପ୍ଲଟ, 446, ଖାତା, 647, ଡିସମିଲ, 193, ସମ୍ବଲପୁର, 293, ସମ୍ବଲପୁର, 725, ପ୍ଲଟ, 235, ପ୍ଲଟ, 232, ଜମି, 95,
ନୋଟିସ, 268, ଅନୁସୂଚୀ, 563, , 856, ସ୍ଥିତି, 593, ସ୍ଥିତି, 685, ଏକର, 609, ରକବା, 610, ଏକର, 899, ଡିସମିଲ
ଜମି, 619, ନୋଟିସ, 605, ପ୍ରକାଶ, 90, ଡିସମିଲ, 19, ପ୍ରକାଶ, 102, ପ୍ଲଟ, 418, ସ୍ଥିତି, 11, ଜିଲ୍ଲା, 591, ମ
ଏକର, 894, ନୋଟିସ, 572, ଜିଲ୍ଲା, 149, ରକବା, 269, ଜମି, 344, ଡିସମିଲ, 152, ଜିଲ୍ଲା, 236, ମୌଜା, 208, ସ୍ଥ
ଖାତା, 195, ଅନୁସୂଚୀ, 464, ପ୍ରକାଶ, 133, ଅନୁସୂଚୀ, 445, ଏକର, 512, ପ୍ଲଟ, 711, ଜମି, 387, ପ୍ରକାଶ, 651,
ପ୍ଲଟ, 580, ପ୍ରକାଶ, 320, ପ୍ଲଟ, 281, , 42, ଜମି, 545, ଖାତା, 604, ପ୍ରକାଶ, 294, ଜମି, 462, ରକବା, 118,
ପ୍ରକାଶ, 739, , 371, ସମ୍ବଲପୁର, 23, ଖାତା, 775, ଡିସମିଲ, 571, ପ୍ରକାଶ, 621, ସ୍ଥିତି, 703, ଜିଲ୍ଲା, 463,
ଏକର, 410, ଡିସମିଲ, 823, ଜମି, 346, ଏକର, 591, ଅନୁସୂଚୀ, 534, ପ୍ଲଟ, 521, ସ୍ଥିତି, 563, ଜିଲ୍ଲା, 137, ,
ରକବା, 627, ସମ୍ବଲପୁର, 832, ପ୍ଲଟ, 247, ପ୍ଲଟ, 183, ପ୍ରକାଶ, 218, ଏକର, 397, ଜିଲ୍ଲା, 430, ଜମି, 396, ରକ
ନୋଟିସ, 769, ଜିଲ୍ଲା, 766, ମୌଜା, 72, ଡିସମିଲ, 600, ପ୍ରକାଶ, 727, ଜିଲ୍ଲା, 197, ଖାତା, 222, ଜମି, 580, ପ
ପ୍ଲଟ, 836, ସମ୍ବଲପୁର, 624, ପ୍ଲଟ, 723, ଜମି, 42, ପ୍ରକାଶ, 261, ମୌଜା, 823, ପ୍ଲଟ, 839, ଜିଲ୍ଲା, 689, ,
, 828, , 408, ଖାତା, 398, ନୋଟିସ, 309, ଅନୁସୂଚୀ, 619, ପ୍ରକାଶ, 473, ପ୍ଲଟ, 482, , 722, ଅନୁସୂଚୀ, 240,
ପ୍ରକାଶ, 746, ଡିସମିଲ, 117, ସମ୍ବଲପୁର, 899, ଏକର, 501, ଖାତା, 903, ଏକର, 49, ଜମି, 49, ଏକର, 681, ସ୍ଥିତି
ଏକର, 42, ଜମି, 561, ଜିଲ୍ଲା, 802, ଡିସମିଲ, 41, ନୋଟିସ, 724, ଜମି, 462, ସ୍ଥିତି, 832, ଖାତା, 578, ଏକର, 2
ପ୍ଲଟ, 14, ଡିସମିଲ, 424, ଜମି, 356, ମୌଜା, 587, ମୌଜା, 562, ଡିସମିଲ, 291, ଅନୁସୂଚୀ, 153, ଅନୁସୂଚୀ, 391,
ସମ୍ବଲପୁର, 318, ସ୍ଥିତି, 810, ପ୍ଲଟ, 212, ଜିଲ୍ଲା, 736, ସ୍ଥିତି, 159, ଖାତା, 325, ମୌଜା, 46, , 299, ପ୍ର
ଖାତା, 347, ପ୍ଲଟ, 631, ଏକର, 825, , 141, ପ୍ଲଟ, 555, , 13, , 626, ପ୍ଲଟ, 370, ରକବା, 692, ମୌଜା, 302,
ରକବା, 378, ଜିଲ୍ଲା, 463, ଏକର, 370, ରକବା, 876, ରକବା, 526, ମୌଜା, 230, ରକବା, 367, ପ୍ରକାଶ, 280, ଅନୁସୂ
, 49, ମୌଜା, 26, ଅନୁସୂଚୀ, 525, ସ୍ଥିତି, 223, ଖାତା, 64, ରକବା, 660, ସ୍ଥିତି, 288, ନୋଟିସ, 693, ଅନୁସୂଚୀ
ଜମି, 545, ନୋଟିସ, 414, ଜିଲ୍ଲା, 605, ଜିଲ୍ଲା, 394, ରକବା, 427, , 114, ସମ୍ବଲପୁର, 134, ପ୍ଲଟ, 131, ମୌଜା
ଖାତା, 67, ରକବା, 727, ରକବା, 609, ଜମି, 490, ଜିଲ୍ଲା, 715, ଜିଲ୍ଲା, 394, ସମ୍ବଲପୁର, 806, ସମ୍ବଲପୁର, 394
ଜମି, 271, ପ୍ଲଟ, 413, ରକବା, 65, ଜିଲ୍ଲା, 539, ଜମି, 512, ଅନୁସୂଚୀ, 28, ଖାତା, 599, ସମ୍ବଲପୁର, 502, ରକବ
ସ୍ଥିତି, 750, ଖାତା, 684, ପ୍ରକାଶ, 228, ଅନୁସୂଚୀ, 394, ଜିଲ୍ଲା, 458, ରକବା, 166, ଖାତା, 728, ସ୍ଥିତି, 12
ଜମି, 695, ନୋଟିସ, 255, ଜିଲ୍ଲା, 880, ଅନୁସୂଚୀ, 316, ଏକର, 173, ସ୍ଥିତି, 329, ଡିସମିଲ, 229, ଜମି, 783, ଏ
ରକବା, 733, ଜିଲ୍ଲା, 585, ସ୍ଥିତି, 102, ଖାତା, 329, , 778, ରକବା, 126, ସ୍ଥିତି, 217, ସମ୍ବଲପୁର, 763, ଅନ
ସମ୍ବଲପୁର, 696, ପ୍ରକାଶ, 839, ନୋଟିସ, 148, ସ୍ଥିତି, 267, ଜିଲ୍ଲା, 408, ପ୍ଲଟ, 747, ସ୍ଥିତି, 130, ଏକର, 6
ଜିଲ୍ଲା, 337, ପ୍ଲଟ, 584, ସମ୍ବଲପୁର, 119, ଜମି, 119, ନୋଟିସ, 130, ଜିଲ୍ଲା, 862, ସ୍ଥିତି, 393, ଡିସମିଲ, 8
ଅନୁସୂଚୀ, 497, ରକବା, 559, ନୋଟିସ, 397, ପ୍ଲଟ, 224, ରକବା, 16, ସମ୍ବଲପୁର, 818, ଜିଲ୍ଲା, 342, ମୌଜା, 865,
ପ୍ରକାଶ, 631, ସମ୍ବଲପୁର, 252, ଜିଲ୍ଲା, 705, ରକବା, 135, ନୋଟିସ, 253, ଜମି, 737, ଅନୁସୂଚୀ, 531, , 646, ଡ
ମୌଜା, 319, ନୋଟିସ, 831, ନୋଟିସ, 776, ଏକର, 698, ରକବା, 208, ନୋଟିସ, 483, ଡିସମିଲ, 169, ଏକର, 876, ଜମି,
ସମ୍ବଲପୁର, 832, , 436, ଡିସମିଲ, 773, ରକବା, 286, ଏକର, 88, ଡିସମିଲ, 155, ଜିଲ୍ଲା, 632, ଅନୁସୂଚୀ, 131, ମ
ପ୍ରକାଶ, 370, ପ୍ଲଟ, 866, ସମ୍ବଲପୁର, 694, ନୋଟିସ, 699, ଏକର, 792, , 651, ଖାତା, 120, ସମ୍ବଲପୁର, 210, ପ୍
ଜିଲ୍ଲା, 733, ପ୍ରକାଶ, 320, ଜମି, 540, ମୌଜା, 137, ରକବା, 522, ଜିଲ୍ଲା, 172, ମୌଜା, 433, ପ୍ରକାଶ, 215, ର
ନୋଟିସ, 121, ଏକର, 600, ଖାତା, 312, ଜିଲ୍ଲା, 400, ଅନୁସୂଚୀ, 177, ଜିଲ୍ଲା, 519, ମୌଜା, 671, ସମ୍ବଲପୁର, 14
ରକବା, 317, ଡିସମିଲ, 334, ଡିସମିଲ, 805, ଜମି, 908, ରକବା, 588, ଜମି, 656, ଜିଲ୍ଲା, 790, ପ୍ଲଟ, 834, ମୌଜା
ପ୍ରକାଶ, 264, ଜିଲ୍ଲା, 472, ସ୍ଥିତି, 34, ଜିଲ୍ଲା, 529, ଖାତା, 701, ଡିସମିଲ, 161, , 86, ଜମି, 22, ରକବା,
ମୌଜା, 135, ଖାତା, 535, ଡିସମିଲ, 89, ସ୍ଥିତି, 76, ଏକର, 739, ମୌଜା, 490, ରକବା, 208, , 35, ସ୍ଥିତି, 384,
ଜମି, 831, ପ୍ଲଟ, 523, ପ୍ରକାଶ, 69, ପ୍ରକାଶ, 447, ଜିଲ୍ଲା, 702, ସ୍ଥିତି, 745, ମୌଜା, 254, ରକବା, 873, ସମ
ଡିସମିଲ, 553, ପ୍ଲଟ, 436, ମୌଜା, 873, ଖାତା, 743, ମୌଜା, 590, ପ୍ଲଟ, 25, ସମ୍ବଲପୁର, 225, ଖାତା, 736, ଜିଲ
ମୌଜା, 199, ଜମି, 274, ସମ୍ବଲପୁର, 703, ଡିସମିଲ, 65, ପ୍ରକାଶ, 403, ପ୍ରକାଶ, 129, ନୋଟିସ, 122, ଏକର, 524,
ସମ୍ବଲପୁର, 848, ସ୍ଥିତି, 670, ସମ୍ବଲପୁର, 37, ରକବା, 458, ପ୍ଲଟ, 211, ଏକର, 141, ଡିସମିଲ, 159, , 843, ଜମ
ସ୍ଥିତି, 252, ପ୍ଲଟ, 167, ଏକର, 625, ଜମି, 137, ରକବା, 282, ଏକର, 704, , 114, ପ୍ଲଟ, 589, ନୋଟିସ, 775, ର
ରକବା, 488, ଅନୁସୂଚୀ, 238, ପ୍ରକାଶ, 642, , 278, ଏକର, 292, ସମ୍ବଲପୁର, 893, ପ୍ରକାଶ, 261, ଡିସମିଲ, 338,
ମୌଜା, 637, , 734, ସମ୍ବଲପୁର, 676, , 171, ଖାତା, 200, ପ୍ରକାଶ, 705, ସମ୍ବଲପୁର, 698, ଡିସମିଲ, 757, ସମ୍ବ
ସମ୍ବଲପୁର, 716, ଜିଲ୍ଲା, 906, ନୋଟିସ, 139, ଜମି, 526, ପ୍ଲଟ, 46, ମୌଜା, 143, , 428, , 278, ଜିଲ୍ଲା, 139
ନୋଟିସ, 721, ଜମି, 102, ସ୍ଥିତି, 427, ମୌଜା, 806, ମୌଜା, 717, ଜିଲ୍ଲା, 406, ଏକର, 82, , 625, ଜିଲ୍ଲା, 37
ସମ୍ବଲପୁର, 651, ଜମି, 123, ଖାତା, 640, ଅନୁସୂଚୀ, 110, ମୌଜା, 414, ଏକର, 594, ଅନୁସୂଚୀ, 562, ସ୍ଥିତି, 896
ସମ୍ବଲପୁର, 540, ମୌଜା, 505, ଜିଲ୍ଲା, 70, ଅନୁସୂଚୀ, 778, ଅନୁସୂଚୀ, 240, ଖାତା, 35, ପ୍ଲଟ, 707, ଜିଲ୍ଲା, 6
ଏକର, 192, ସ୍ଥିତି, 628, ରକବା, 285, , 841, ପ୍ରକାଶ, 841, ମୌଜା, 295, ଜିଲ୍ଲା, 481, ଏକର, 745, ରକବା, 39
ନୋଟିସ, 313, ରକବା, 641, ସ୍ଥିତି, 890, ରକବା, 637, ରକବା, 829, ଖାତା, 274, ଡିସମିଲ, 853, ଜମି, 708, ଜମି,
ଖାତା, 360, ମୌଜା, 579, , 519, ପ୍ଲଟ, 359, ରକବା, 741, ସମ୍ବଲପୁର, 179, ଅନୁସୂଚୀ, 249, ଅନୁସୂଚୀ, 596, ପ୍
ସୂଚୀ (କ) ସହକାରୀ, ସୂଚୀ - ଗ
ଖାତା, 822, ନୋଟିସ, 377, ଅନୁସୂଚୀ, 642, ରକବା, 228, , 513, ଏକର, 642, ମୌଜା, 326, ମୌଜା, 541, ଅନୁସୂଚୀ,
ପ୍ରକାଶ, 515, ଜିଲ୍ଲା, 761, , 17, ରକବା, 195, ଅନୁସୂଚୀ, 572, ପ୍ରକାଶ, 893, ସମ୍ବଲପୁର, 568, ସ୍ଥିତି, 275
ରକବା, 559, ସ୍ଥିତି, 132, ପ୍ରକାଶ, 170, ଅନୁସୂଚୀ, 218, ପ୍ରକାଶ, 87, , 556, ମୌଜା, 168, ନୋଟିସ, 735, ପ୍ଲ
ଏକର, 710, ସମ୍ବଲପୁର, 574, , 404, ସ୍ଥିତି, 343, ଅନୁସୂଚୀ, 805, ପ୍ଲଟ, 465, ଜିଲ୍ଲା, 269, ସମ୍ବଲପୁର, 827
ସୂଚୀ (ଖ) - ଅନୁସୂଚୀମାନ
ଏକର, 703, ସ୍ଥିତି, 193, ଏକର, 482, ପ୍ରକାଶ, 415, ମୌଜା, 303, ପ୍ଲଟ, 823, ଡିସମିଲ, 720, ଅନୁସୂଚୀ, 504, ଖ
ସ୍ଥିତି, 116, ମୌଜା, 198, ଡିସମିଲ, 579, , 703, ପ୍ରକାଶ, 582, ମୌଜା, 594, ନୋଟିସ, 83, ଖାତା, 159, ଖାତା,
ସ୍ଥିତି, 354, ସ୍ଥିତି, 127, ଡିସମିଲ, 600, ପ୍ଲଟ, 16, ରକବା, 787, ମୌଜା, 290, ଜମି, 271, ସମ୍ବଲପୁର, 639,
ଖାତା, 173, ଡିସମିଲ, 517, ଖାତା, 882, ଏକର, 546, ନୋଟିସ, 154, ରକବା, 17, ଖାତା, 812, ଏକର, 384, ରକବା, 14
ଜିଲ୍ଲା, 369, ରକବା, 605, ନୋଟିସ, 662, ପ୍ରକାଶ, 418, ଏକର, 217, ପ୍ରକାଶ, 71, ସମ୍ବଲପୁର, 358, ଜମି, 422,
ଖାତା, 473, ସ୍ଥିତି, 490, ଅନୁସୂଚୀ, 618, ଏକର, 366, ପ୍ଲଟ, 214, ଡିସମିଲ, 205, ଅନୁସୂଚୀ, 51, ଏକର, 729, ପ
ରକବା, 728, ନୋଟିସ, 536, ଜିଲ୍ଲା, 556, ଡିସମିଲ, 896, , 835, ଏକର, 118, ଜମି, 856, ମୌଜା, 126, ସ୍ଥିତି, 2
ଜିଲ୍ଲା, 907, ଜମି, 508, ଏକର, 418, ସ୍ଥିତି, 450, ପ୍ରକାଶ, 482, ରକବା, 856, ସ୍ଥିତି, 685, , 347, ଜିଲ୍ଲା
ମୌଜା, 112, ରକବା, 404, ଖାତା, 206, ଡିସମିଲ, 830, ଜିଲ୍ଲା, 53, ନୋଟିସ, 619, ଅନୁସୂଚୀ, 440, ଅନୁସୂଚୀ, 493
ଖାତା, 723, ରକବା, 142, ଜିଲ୍ଲା, 225, ରକବା, 819, ରକବା, 235, ଅନୁସୂଚୀ, 449, ଖାତା, 307, , 120, ଡିସମିଲ,
ଖାତା, 386, ଡିସମିଲ, 96, ନୋଟିସ, 872, ସମ୍ବଲପୁର, 457, ନୋଟିସ, 464, ଡିସମିଲ, 771, ସ୍ଥିତି, 820, ମୌଜା, 62
ଜିଲ୍ଲା, 561, ଖାତା, 874, ସ୍ଥିତି, 876, ଏକର, 543, ପ୍ଲଟ, 20, ଜମି, 619, ଜିଲ୍ଲା, 117, ଅନୁସୂଚୀ, 358, ଏକ
ମୌଜା, 482, ଜିଲ୍ଲା, 387, ଡିସମିଲ, 681, , 139, ଅନୁସୂଚୀ, 408, ଡିସମିଲ, 699, ଖାତା, 288, , 721, ସମ୍ବଲପୁ
ନୋଟିସ, 329, ସ୍ଥିତି, 725, ଏକର, 410, ଜିଲ୍ଲା, 561, ପ୍ରକାଶ, 721, ମୌଜା, 703, ପ୍ଲଟ, 384, ମୌଜା, 109, ଜମ
ନୋଟିସ, 100, ପ୍ରକାଶ, 88, ନୋଟିସ, 65, ଜିଲ୍ଲା, 907, ପ୍ରକାଶ, 59, ଡିସମିଲ, 633, ପ୍ଲଟ, 406, ରକବା, 322, ଖ
ନୋଟିସ, 696, ଖାତା, 276, ପ୍ଲଟ, 544, ସମ୍ବଲପୁର, 278, ନୋଟିସ, 222, ଜମି, 488, ଖାତା, 352, , 460, ପ୍ଲଟ, 2
ମୌଜା, 318, ଡିସମିଲ, 389, , 49, ସ୍ଥିତି, 475, ମୌଜା, 310, ଅନୁସୂଚୀ, 267, ଜିଲ୍ଲା, 223, ଜିଲ୍ଲା, 523, ଖା
ଖାତା, 764, ଖାତା, 427, ନୋଟିସ, 379, ରକବା, 596, ଜମି, 323, ରକବା, 872, ଡିସମିଲ, 20, ଜମି, 511, ସମ୍ବଲପୁର
ସୂଚୀ (ଗ) ସ୍ୱତନ୍ତ୍ର, ସୂଚୀ - 'ଗ'
ଖାତା, 583, ଖାତା, 909, ସମ୍ବଲପୁର, 323, ଅନୁସୂଚୀ, 602, ଡିସମିଲ, 92, ସ୍ଥିତି, 103, ପ୍ଲଟ, 214, ନୋଟିସ, 46
ସମ୍ବଲପୁର, 576, ଜିଲ୍ଲା, 617, ଏକର, 534, ରକବା, 240, ଖାତା, 311, ରକବା, 593, ଜମି, 296, ଜିଲ୍ଲା, 497, ରକ
ସ୍ଥିତି, 143, ସ୍ଥିତି, 575, ଜମି, 85, ଜମି, 82, ସମ୍ବଲପୁର, 845, ମୌଜା, 118, ପ୍ଲଟ, 413, ଡିସମିଲ, 706, ରକ
ରକବା, 535, ପ୍ରକାଶ, 459, ଅନୁସୂଚୀ, 460, ପ୍ରକାଶ, 749, ରକବା, 404, ସମ୍ବଲପୁର, 469, ମୌଜା, 455, ମୌଜା, 84
ରକବା, 769, ମୌଜା, 852, ଜମି, 268, ଏକର, 761, , 441, ଖାତା, 788, ପ୍ରକାଶ, 744, ମୌଜା, 422, , 899, ନୋଟିସ
ସମ୍ବଲପୁର, 194, ରକବା, 902, ସ୍ଥିତି, 86, ଖାତା, 58, ଏକର, 196, ସମ୍ବଲପୁର, 45, ପ୍ଲଟ, 314, ଅନୁସୂଚୀ, 883,
ପ୍ଲଟ, 295, ପ୍ରକାଶ, 362, ଜିଲ୍ଲା, 561, , 237, ଅନୁସୂଚୀ, 501, ଜିଲ୍ଲା, 430, ଅନୁସୂଚୀ, 170, ଜିଲ୍ଲା, 131
ଡିସମିଲ, 792, ସମ୍ବଲପୁର, 395, ସମ୍ବଲପୁର, 454, ଅନୁସୂଚୀ, 144, ସମ୍ବଲପୁର, 312, ନୋଟିସ, 868, ଅନୁସୂଚୀ, 589
ଏକର, 221, ସ୍ଥିତି, 773, ଜିଲ୍ଲା, 625, ପ୍ରକାଶ, 421, ଅନୁସୂଚୀ, 471, ଏକର, 553, ସ୍ଥିତି, 313, ନୋଟିସ, 260
ରକବା, 673, , 196, ନୋଟିସ, 441, ପ୍ଲଟ, 384, ଜମି, 371, ଏକର, 413, ସ୍ଥିତି, 887, ଏକର, 238, ନୋଟିସ, 477,
ଡିସମିଲ, 682, ଜିଲ୍ଲା, 97, ଜିଲ୍ଲା, 33, ଅନୁସୂଚୀ, 68, ପ୍ରକାଶ, 247, , 280, ସମ୍ବଲପୁର, 246, ନୋଟିସ, 89,
ମୌଜା, 619, ସ୍ଥିତି, 616, ଜମି, 822, ପ୍ରକାଶ, 450, ଅନୁସୂଚୀ, 577, , 47, ଜିଲ୍ଲା, 72, ସମ୍ବଲପୁର, 430, ଜମ
ଜିଲ୍ଲା, 686, ସ୍ଥିତି, 474, ଜମି, 573, ସମ୍ବଲପୁର, 792, ଅନୁସୂଚୀ, 111, ଖାତା, 673, ଜମି, 689, , 539, ଏକର
ଡିସମିଲ, 678, ଡିସମିଲ, 258, ସମ୍ବଲପୁର, 248, ମୌଜା, 159, ପ୍ଲଟ, 469, ଅନୁସୂଚୀ, 323, ଜିଲ୍ଲା, 332, ଡିସମିଲ
ଖାତା, 90, ଅନୁସୂଚୀ, 596, ପ୍ରକାଶ, 867, ସ୍ଥିତି, 749, ପ୍ରକାଶ, 351, ଜିଲ୍ଲା, 753, ପ୍ରକାଶ, 799, ସମ୍ବଲପୁ
ନୋଟିସ, 531, ରକବା, 541, , 438, ମୌଜା, 501, ପ୍ରକାଶ, 274, ଏକର, 469, ଡିସମିଲ, 62, ପ୍ରକାଶ, 299, ଡିସମିଲ,
ସୂଚୀ (ଘ) ସ୍ୱାଧୀନ ସୂଚୀ - 'ଘ'
ଡିସମିଲ, 463, ନୋଟିସ, 725, ପ୍ଲଟ, 163, ପ୍ଲଟ, 789, ଖାତା, 782, ନୋଟିସ, 284, ଏକର, 608, ରକବା, 430, ଏକର,
ମୌଜା, 218, ସମ୍ବଲପୁର, 871, ଅନୁସୂଚୀ, 801, ପ୍ରକାଶ, 819, ଏକର, 603, , 897, ପ୍ରକାଶ, 12, ଜିଲ୍ଲା, 827, ନ
ସ୍ଥିତି, 797, ମୌଜା, 42, ନୋଟିସ, 464, ଏକର, 774, ଜିଲ୍ଲା, 349, ପ୍ଲଟ, 535, ମୌଜା, 242, ମୌଜା, 248, ଜମି,
ପ୍ଲଟ, 402, ଏକର, 38, ଅନୁସୂଚୀ, 52, ଡିସମିଲ, 653, ମୌଜା, 21, ନୋଟିସ, 98, ଜିଲ୍ଲା, 397, ରକବା, 494, ଏକର,
ରକବା, 831, , 860, ମୌଜା, 465, ଏକର, 458, ନୋଟିସ, 517, ଏକର, 486, ଏକର, 476, ଡିସମିଲ, 666, ଖାତା, 799, ,
ଜିଲ୍ଲା, 706, ଜମି, 803, ରକବା, 188, ରକବା, 38, ଡିସମିଲ, 799, ଖାତା, 481, ସ୍ଥିତି, 762, ପ୍ରକାଶ, 187, ଜି
ଜମି, 477, ସ୍ଥିତି, 166, ଅନୁସୂଚୀ, 742, ରକବା, 385, ସ୍ଥିତି, 137, ଏକର, 411, ସ୍ଥିତି, 783, , 400, ଜମି,
ଜିଲ୍ଲା, 174, ନୋଟିସ, 354, ଖାତା, 322, ରକବା, 656, ଡିସମିଲ, 300, ଜିଲ୍ଲା, 265, ଡିସମିଲ, 730, ଜମି, 538,
ଜମି, 900, ସମ୍ବଲପୁର, 695, ସମ୍ବଲପୁର, 467, ସ୍ଥିତି, 727, ନୋଟିସ, 852, ରକବା, 388, ମୌଜା, 45, ରକବା, 601,
ମୌଜା, 601, ଜିଲ୍ଲା, 55, ଡିସମିଲ, 241, ନୋଟିସ, 505, ଅନୁସୂଚୀ, 156, ଖାତା, 73, ମୌଜା, 401, ପ୍ରକାଶ, 650,
ମୌଜା, 397, ଅନୁସୂଚୀ, 589, , 34, ନୋଟିସ, 613, ସ୍ଥିତି, 468, ସ୍ଥିତି, 411, , 120, ଜିଲ୍ଲା, 339, ଏକର, 27
ଜିଲ୍ଲା, 119, ଅନୁସୂଚୀ, 501, ଏକର, 839, ଜମି, 909, ଜମି, 356, ପ୍ଲଟ, 591, ପ୍ରକାଶ, 91, ରକବା, 202, ଏକର,
ରକବା, 665, ପ୍ଲଟ, 339, ମୌଜା, 669, ଏକର, 230, ମୌଜା, 169, ପ୍ରକାଶ, 695, ଜିଲ୍ଲା, 887, ଖାତା, 890, ରକବା,
ଜମି, 236, ଜମି, 102, ସମ୍ବଲପୁର, 423, ଜମି, 377, ନୋଟିସ, 807, ସ୍ଥିତି, 725, ନୋଟିସ, 709, ରକବା, 603, ପ୍ର
(ଏସ. ବି. ମିଶ୍ର) ଜିଲ୍ଲାପାଳ - ଉପସ୍ଥାପନା
ଜିଲ୍ଲା ଜମି, ସମ୍ବଲପୁର
C
M
K
C
M
K
C
M
K
C
M
K
C
M
K
C
M
K
5
